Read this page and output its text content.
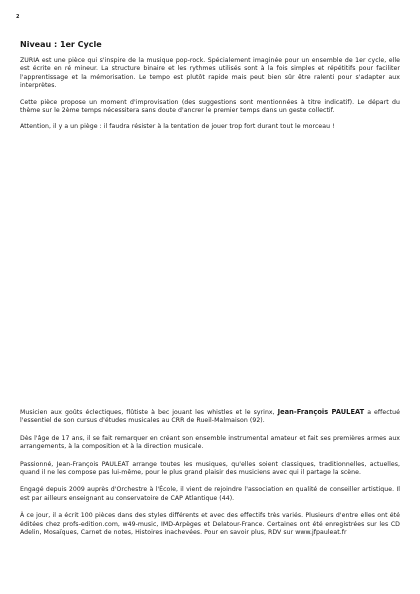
2
Niveau : 1er Cycle

ZURIA est une pièce qui s'inspire de la musique pop-rock. Spécialement imaginée pour un ensemble de 1er cycle, elle est écrite en ré mineur. La structure binaire et les rythmes utilisés sont à la fois simples et répétitifs pour faciliter l'apprentissage et la mémorisation. Le tempo est plutôt rapide mais peut bien sûr être ralenti pour s'adapter aux interprètes.

Cette pièce propose un moment d'improvisation (des suggestions sont mentionnées à titre indicatif). Le départ du thème sur le 2ème temps nécessitera sans doute d'ancrer le premier temps dans un geste collectif.

Attention, il y a un piège : il faudra résister à la tentation de jouer trop fort durant tout le morceau !

Musicien aux goûts éclectiques, flûtiste à bec jouant les whistles et le syrinx, Jean-François PAULEAT a effectué l'essentiel de son cursus d'études musicales au CRR de Rueil-Malmaison (92).

Dès l'âge de 17 ans, il se fait remarquer en créant son ensemble instrumental amateur et fait ses premières armes aux arrangements, à la composition et à la direction musicale.

Passionné, Jean-François PAULEAT arrange toutes les musiques, qu'elles soient classiques, traditionnelles, actuelles, quand il ne les compose pas lui-même, pour le plus grand plaisir des musiciens avec qui il partage la scène.

Engagé depuis 2009 auprès d'Orchestre à l'École, il vient de rejoindre l'association en qualité de conseiller artistique. Il est par ailleurs enseignant au conservatoire de CAP Atlantique (44).

À ce jour, il a écrit 100 pièces dans des styles différents et avec des effectifs très variés. Plusieurs d'entre elles ont été éditées chez profs-edition.com, w49-music, IMD-Arpèges et Delatour-France. Certaines ont été enregistrées sur les CD Adelin, Mosaïques, Carnet de notes, Histoires inachevées. Pour en savoir plus, RDV sur www.jfpauleat.fr
